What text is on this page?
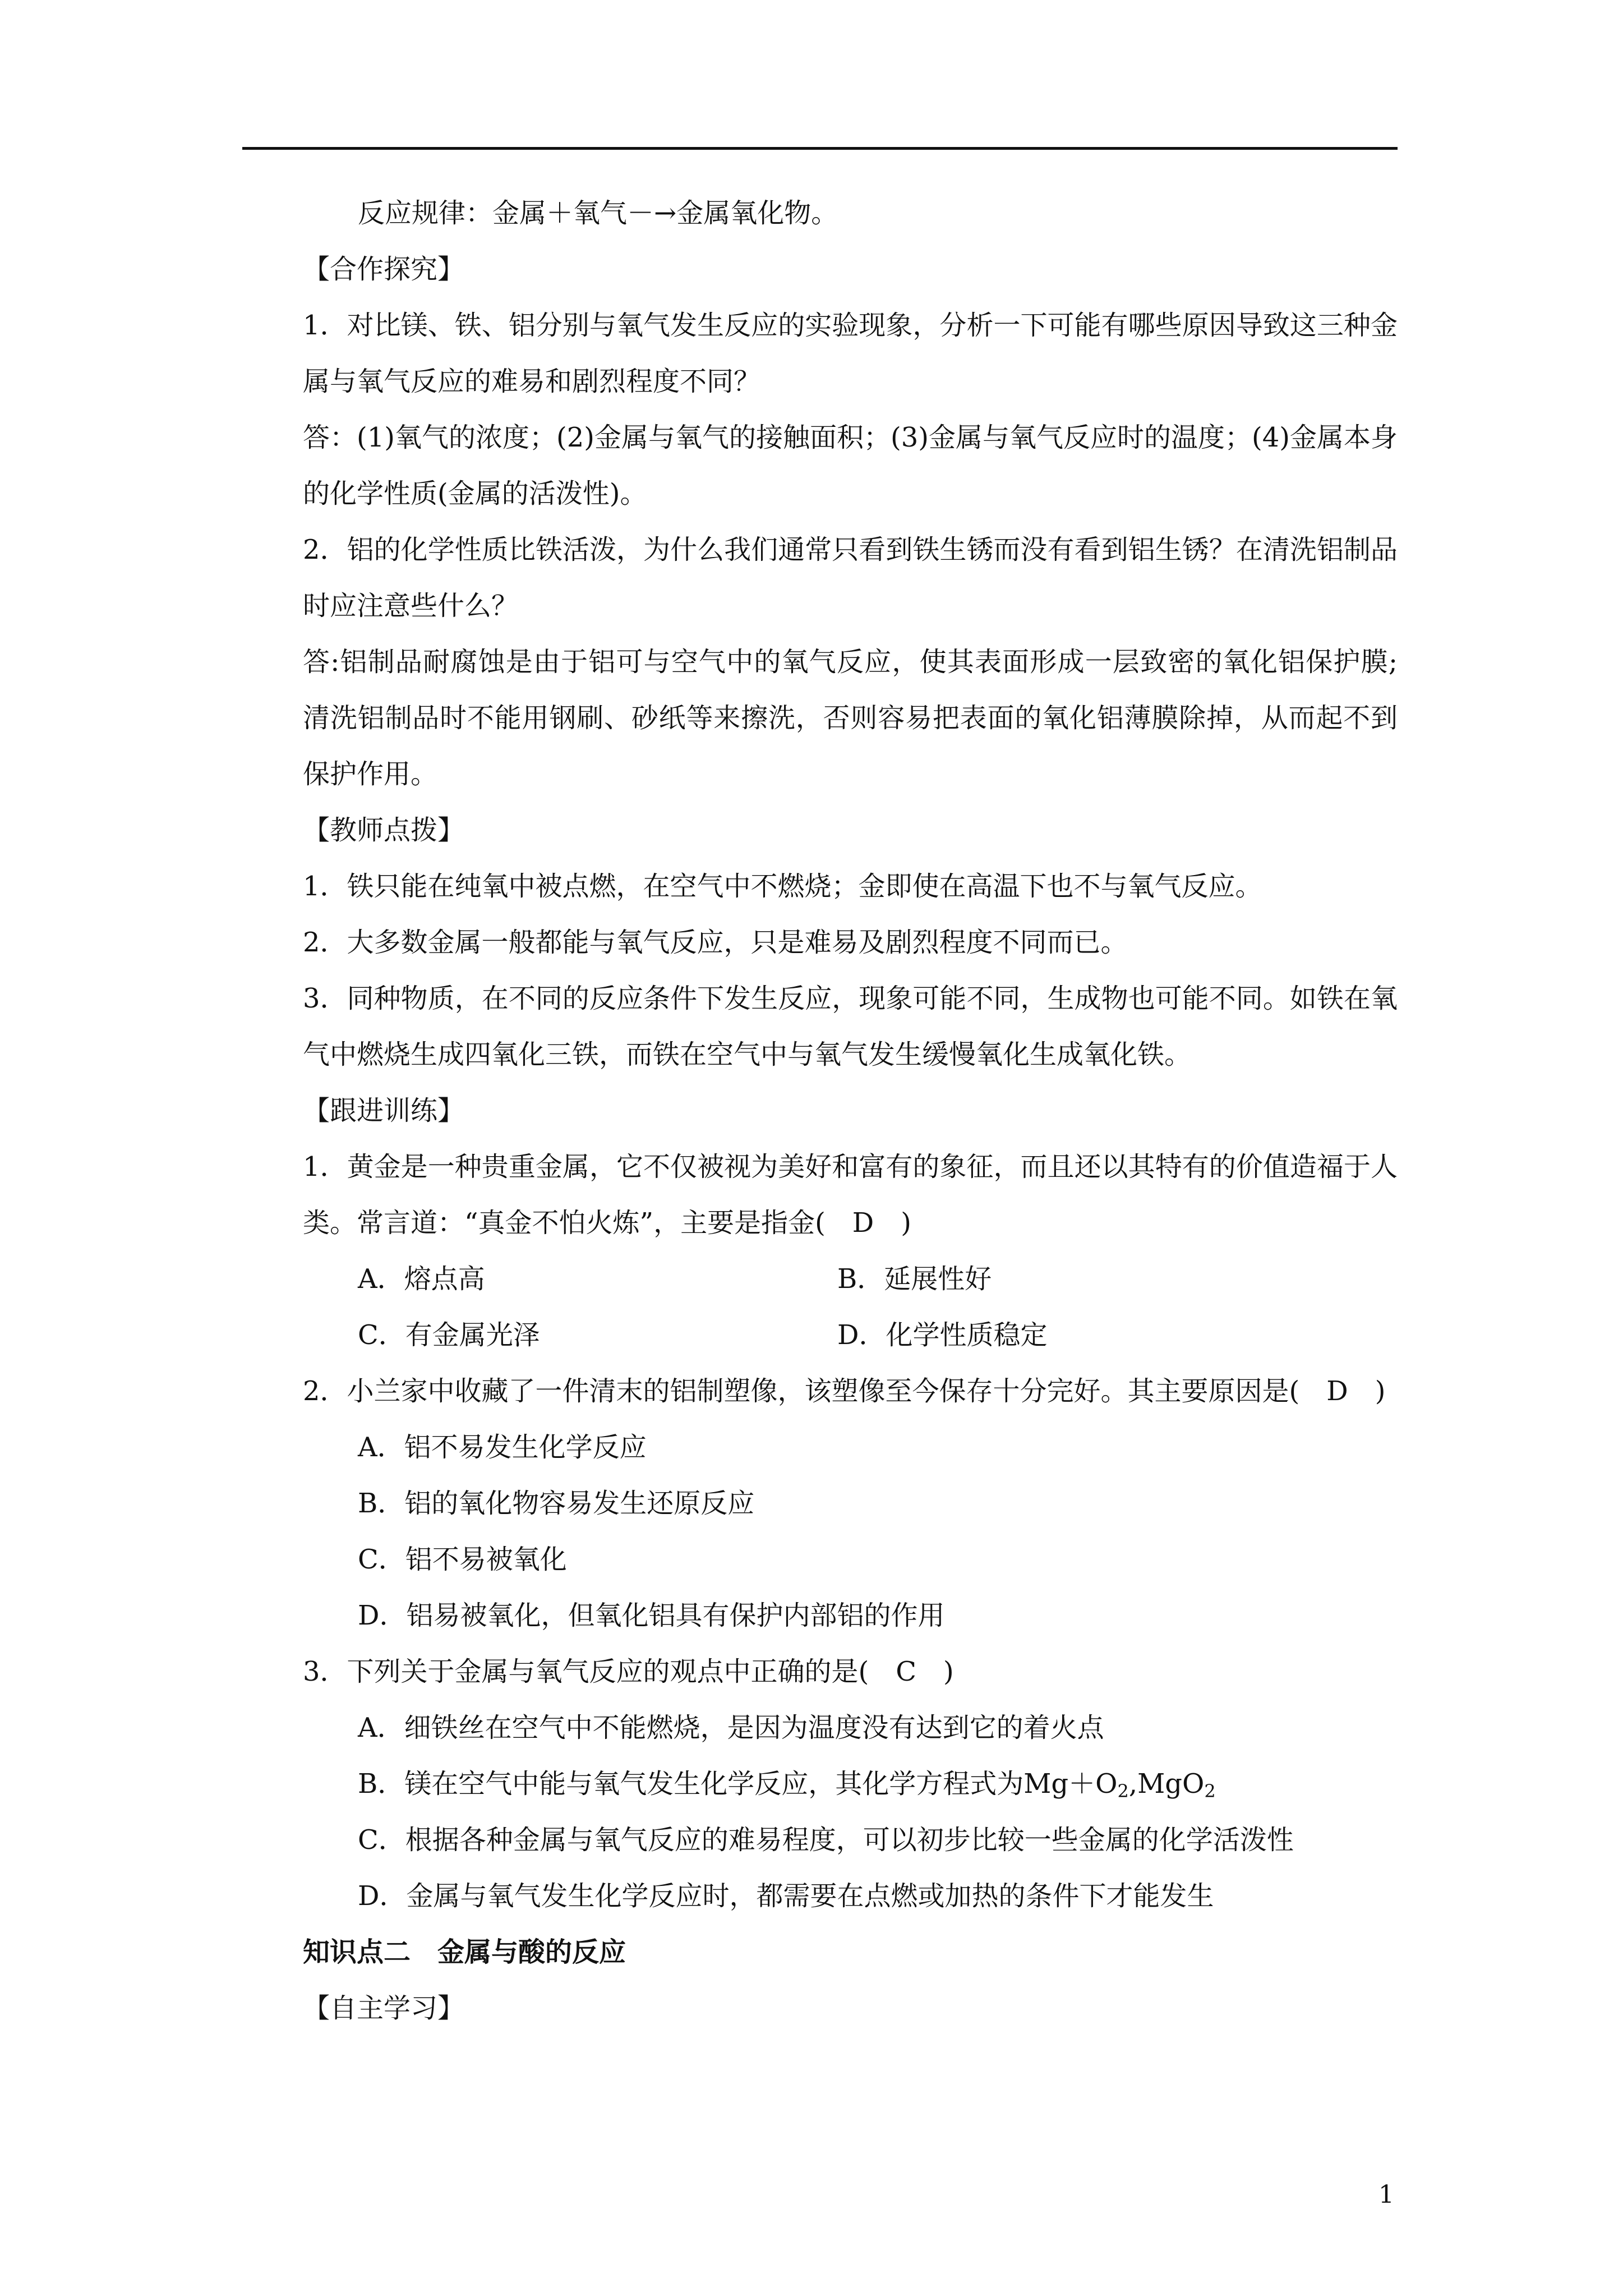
反应规律：金属＋氧气－→金属氧化物。

【合作探究】

1．对比镁、铁、铝分别与氧气发生反应的实验现象，分析一下可能有哪些原因导致这三种金属与氧气反应的难易和剧烈程度不同？

答：(1)氧气的浓度；(2)金属与氧气的接触面积；(3)金属与氧气反应时的温度；(4)金属本身的化学性质(金属的活泼性)。

2．铝的化学性质比铁活泼，为什么我们通常只看到铁生锈而没有看到铝生锈？在清洗铝制品时应注意些什么？

答:铝制品耐腐蚀是由于铝可与空气中的氧气反应，使其表面形成一层致密的氧化铝保护膜;清洗铝制品时不能用钢刷、砂纸等来擦洗，否则容易把表面的氧化铝薄膜除掉，从而起不到保护作用。

【教师点拨】

1．铁只能在纯氧中被点燃，在空气中不燃烧；金即使在高温下也不与氧气反应。

2．大多数金属一般都能与氧气反应，只是难易及剧烈程度不同而已。

3．同种物质，在不同的反应条件下发生反应，现象可能不同，生成物也可能不同。如铁在氧气中燃烧生成四氧化三铁，而铁在空气中与氧气发生缓慢氧化生成氧化铁。

【跟进训练】

1．黄金是一种贵重金属，它不仅被视为美好和富有的象征，而且还以其特有的价值造福于人类。常言道：“真金不怕火炼”，主要是指金(　D　)

A．熔点高	B．延展性好
C．有金属光泽	D．化学性质稳定

2．小兰家中收藏了一件清末的铝制塑像，该塑像至今保存十分完好。其主要原因是(　D　)

A．铝不易发生化学反应

B．铝的氧化物容易发生还原反应

C．铝不易被氧化

D．铝易被氧化，但氧化铝具有保护内部铝的作用

3．下列关于金属与氧气反应的观点中正确的是(　C　)

A．细铁丝在空气中不能燃烧，是因为温度没有达到它的着火点

B．镁在空气中能与氧气发生化学反应，其化学方程式为$Mg+O_2,MgO_2$

C．根据各种金属与氧气反应的难易程度，可以初步比较一些金属的化学活泼性

D．金属与氧气发生化学反应时，都需要在点燃或加热的条件下才能发生

知识点二　金属与酸的反应

【自主学习】

1
